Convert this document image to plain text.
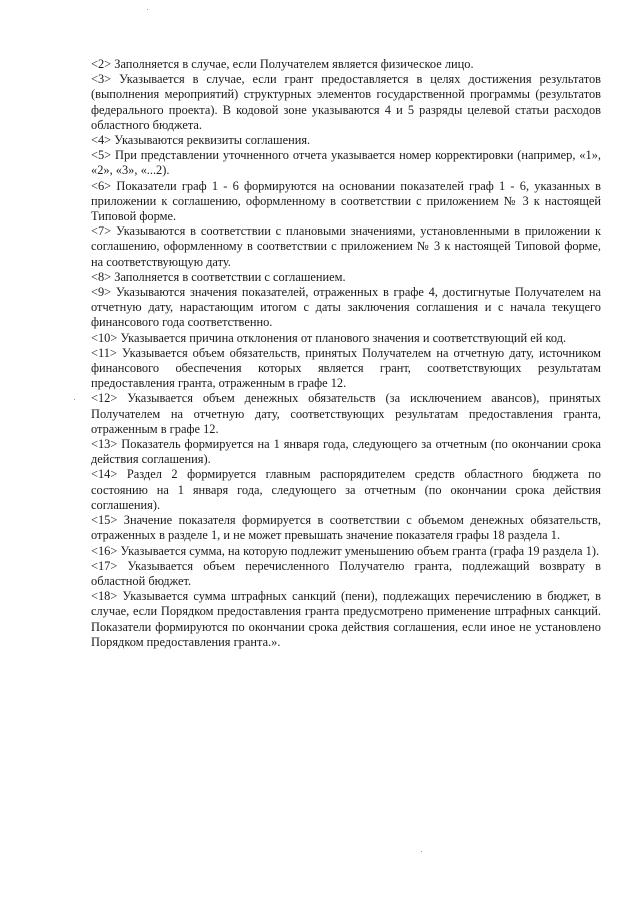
<2> Заполняется в случае, если Получателем является физическое лицо.

<3> Указывается в случае, если грант предоставляется в целях достижения результатов (выполнения мероприятий) структурных элементов государственной программы (результатов федерального проекта). В кодовой зоне указываются 4 и 5 разряды целевой статьи расходов областного бюджета.

<4> Указываются реквизиты соглашения.

<5> При представлении уточненного отчета указывается номер корректировки (например, «1», «2», «3», «...2).

<6> Показатели граф 1 - 6 формируются на основании показателей граф 1 - 6, указанных в приложении к соглашению, оформленному в соответствии с приложением № 3 к настоящей Типовой форме.

<7> Указываются в соответствии с плановыми значениями, установленными в приложении к соглашению, оформленному в соответствии с приложением № 3 к настоящей Типовой форме, на соответствующую дату.

<8> Заполняется в соответствии с соглашением.

<9> Указываются значения показателей, отраженных в графе 4, достигнутые Получателем на отчетную дату, нарастающим итогом с даты заключения соглашения и с начала текущего финансового года соответственно.

<10> Указывается причина отклонения от планового значения и соответствующий ей код.

<11> Указывается объем обязательств, принятых Получателем на отчетную дату, источником финансового обеспечения которых является грант, соответствующих результатам предоставления гранта, отраженным в графе 12.

<12> Указывается объем денежных обязательств (за исключением авансов), принятых Получателем на отчетную дату, соответствующих результатам предоставления гранта, отраженным в графе 12.

<13> Показатель формируется на 1 января года, следующего за отчетным (по окончании срока действия соглашения).

<14> Раздел 2 формируется главным распорядителем средств областного бюджета по состоянию на 1 января года, следующего за отчетным (по окончании срока действия соглашения).

<15> Значение показателя формируется в соответствии с объемом денежных обязательств, отраженных в разделе 1, и не может превышать значение показателя графы 18 раздела 1.

<16> Указывается сумма, на которую подлежит уменьшению объем гранта (графа 19 раздела 1).

<17> Указывается объем перечисленного Получателю гранта, подлежащий возврату в областной бюджет.

<18> Указывается сумма штрафных санкций (пени), подлежащих перечислению в бюджет, в случае, если Порядком предоставления гранта предусмотрено применение штрафных санкций. Показатели формируются по окончании срока действия соглашения, если иное не установлено Порядком предоставления гранта.».
